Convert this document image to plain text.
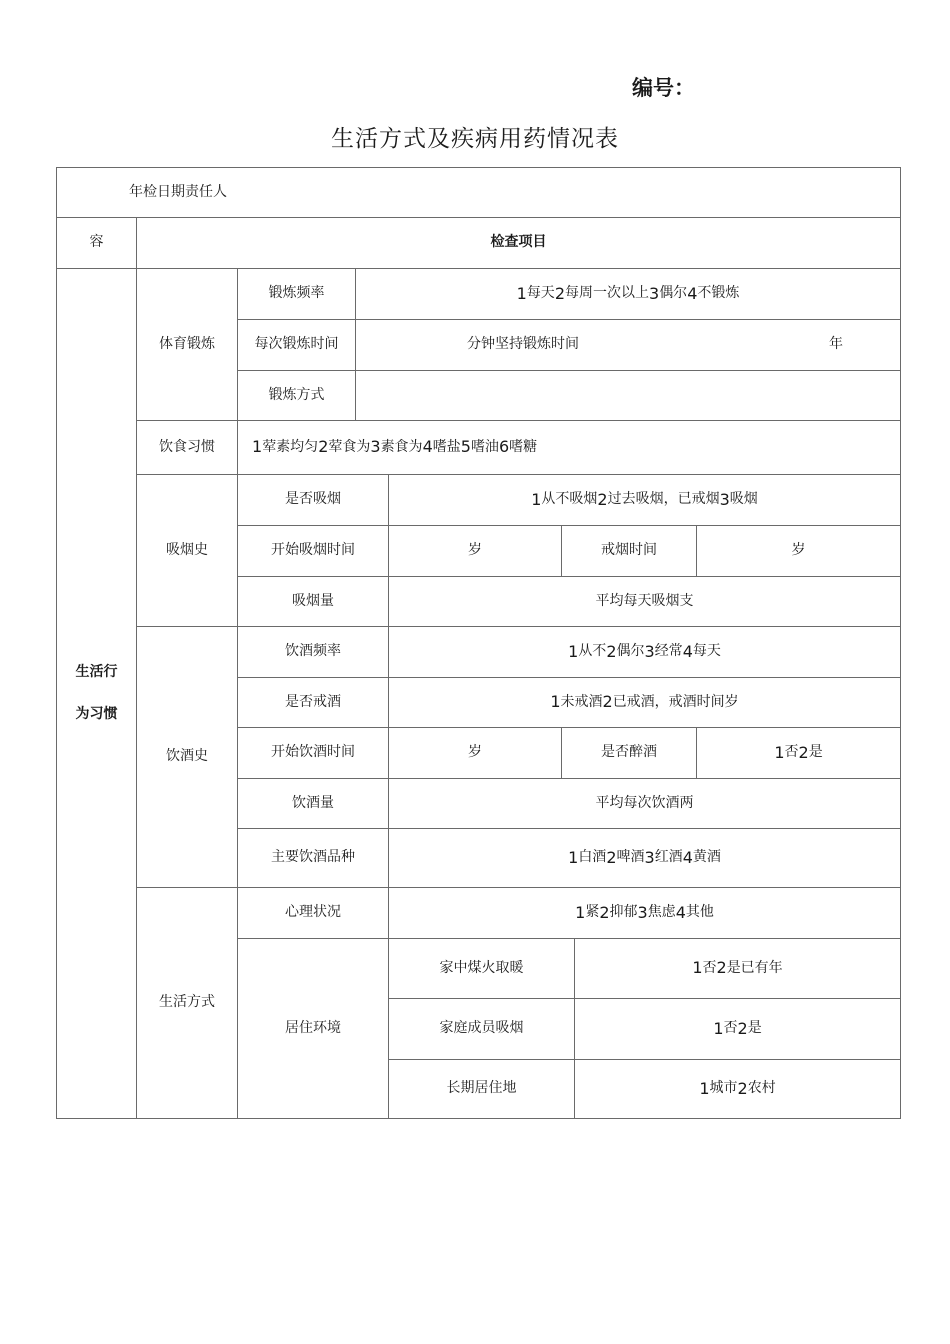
编号：
生活方式及疾病用药情况表
年检日期责任人
容	检查项目
生活行
为习惯
体育锻炼
锻炼频率	1 每天 2 每周一次以上 3 偶尔 4 不锻炼
每次锻炼时间	分钟坚持锻炼时间	年
锻炼方式
饮食习惯	1 荤素均匀 2 荤食为 3 素食为 4 嗜盐 5 嗜油 6 嗜糖
吸烟史
是否吸烟	1 从不吸烟 2 过去吸烟，已戒烟 3 吸烟
开始吸烟时间	岁	戒烟时间	岁
吸烟量	平均每天吸烟支
饮酒史
饮酒频率	1 从不 2 偶尔 3 经常 4 每天
是否戒酒	1 未戒酒 2 已戒酒，戒酒时间岁
开始饮酒时间	岁	是否醉酒	1 否 2 是
饮酒量	平均每次饮酒两
主要饮酒品种	1 白酒 2 啤酒 3 红酒 4 黄酒
生活方式
心理状况	1 紧 2 抑郁 3 焦虑 4 其他
居住环境
家中煤火取暖	1 否 2 是已有年
家庭成员吸烟	1 否 2 是
长期居住地	1 城市 2 农村
